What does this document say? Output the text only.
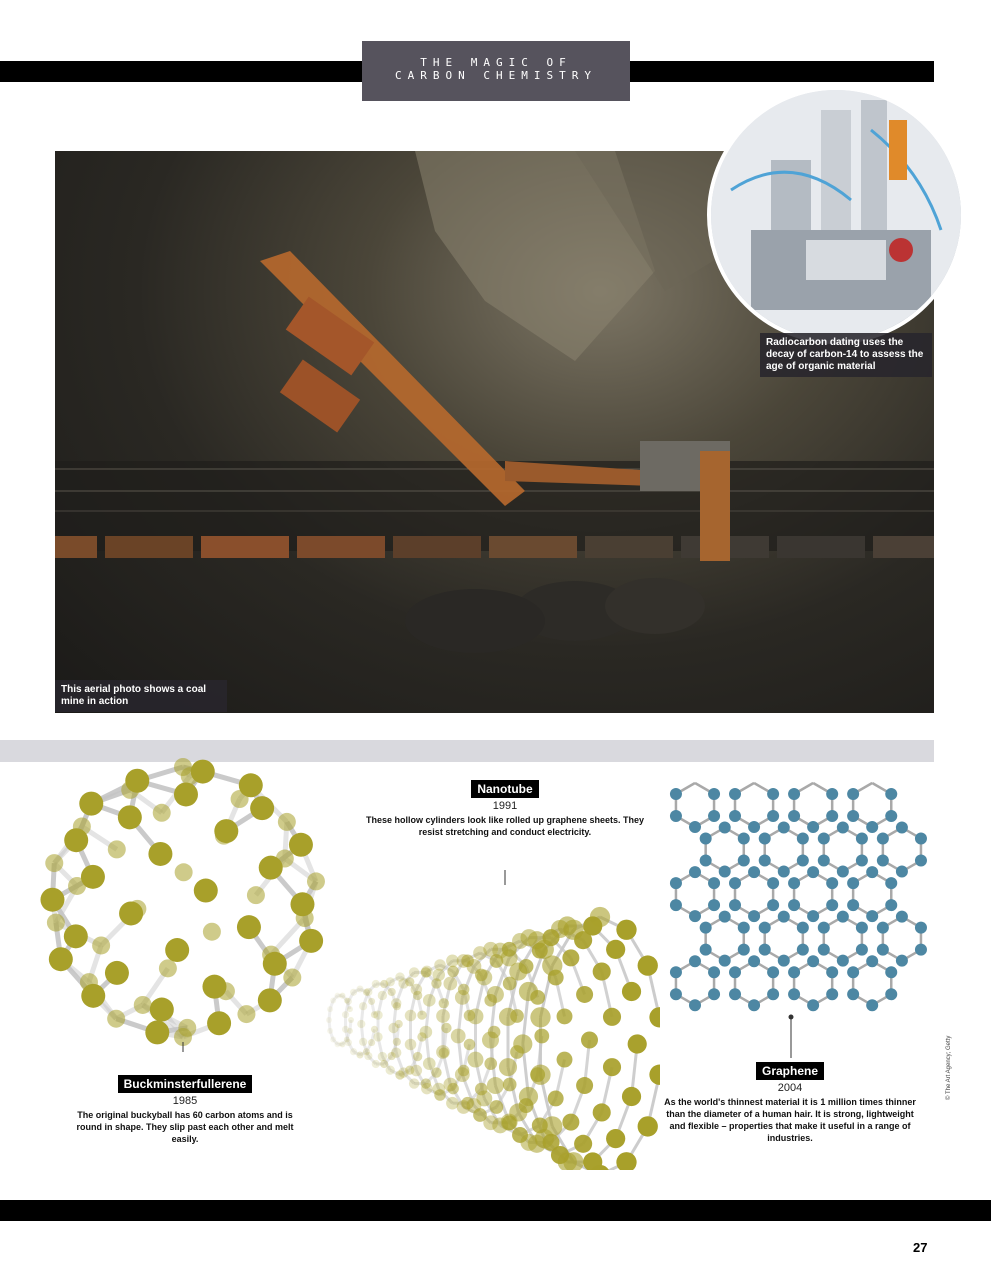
THE MAGIC OF
CARBON CHEMISTRY
This aerial photo shows a coal mine in action
Radiocarbon dating uses the decay of carbon-14 to assess the age of organic material
Buckminsterfullerene
1985
The original buckyball has 60 carbon atoms and is round in shape. They slip past each other and melt easily.
Nanotube
1991
These hollow cylinders look like rolled up graphene sheets. They resist stretching and conduct electricity.
Graphene
2004
As the world's thinnest material it is 1 million times thinner than the diameter of a human hair. It is strong, lightweight and flexible – properties that make it useful in a range of industries.
© The Art Agency; Getty
27
